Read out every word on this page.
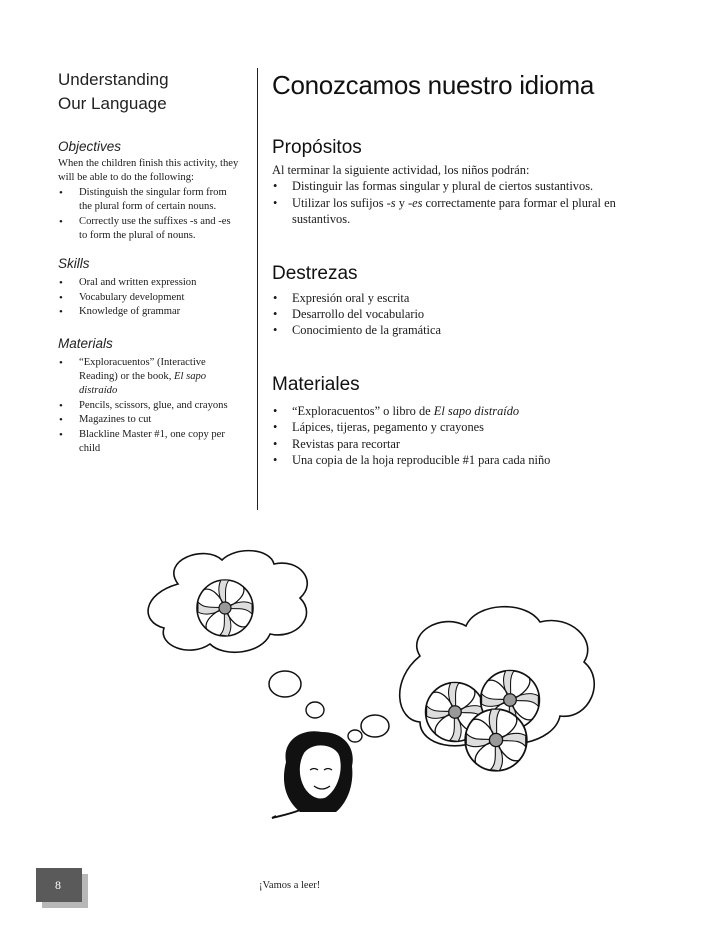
Understanding

Our Language

Objectives

When the children finish this activity, they will be able to do the following:

• Distinguish the singular form from the plural form of certain nouns.
• Correctly use the suffixes -s and -es to form the plural of nouns.

Skills

• Oral and written expression
• Vocabulary development
• Knowledge of grammar

Materials

• “Exploracuentos” (Interactive Reading) or the book, El sapo distraído
• Pencils, scissors, glue, and crayons
• Magazines to cut
• Blackline Master #1, one copy per child

Conozcamos nuestro idioma

Propósitos

Al terminar la siguiente actividad, los niños podrán:

• Distinguir las formas singular y plural de ciertos sustantivos.
• Utilizar los sufijos -s y -es correctamente para formar el plural en sustantivos.

Destrezas

• Expresión oral y escrita
• Desarrollo del vocabulario
• Conocimiento de la gramática

Materiales

• “Exploracuentos” o libro de El sapo distraído
• Lápices, tijeras, pegamento y crayones
• Revistas para recortar
• Una copia de la hoja reproducible #1 para cada niño
8	¡Vamos a leer!
